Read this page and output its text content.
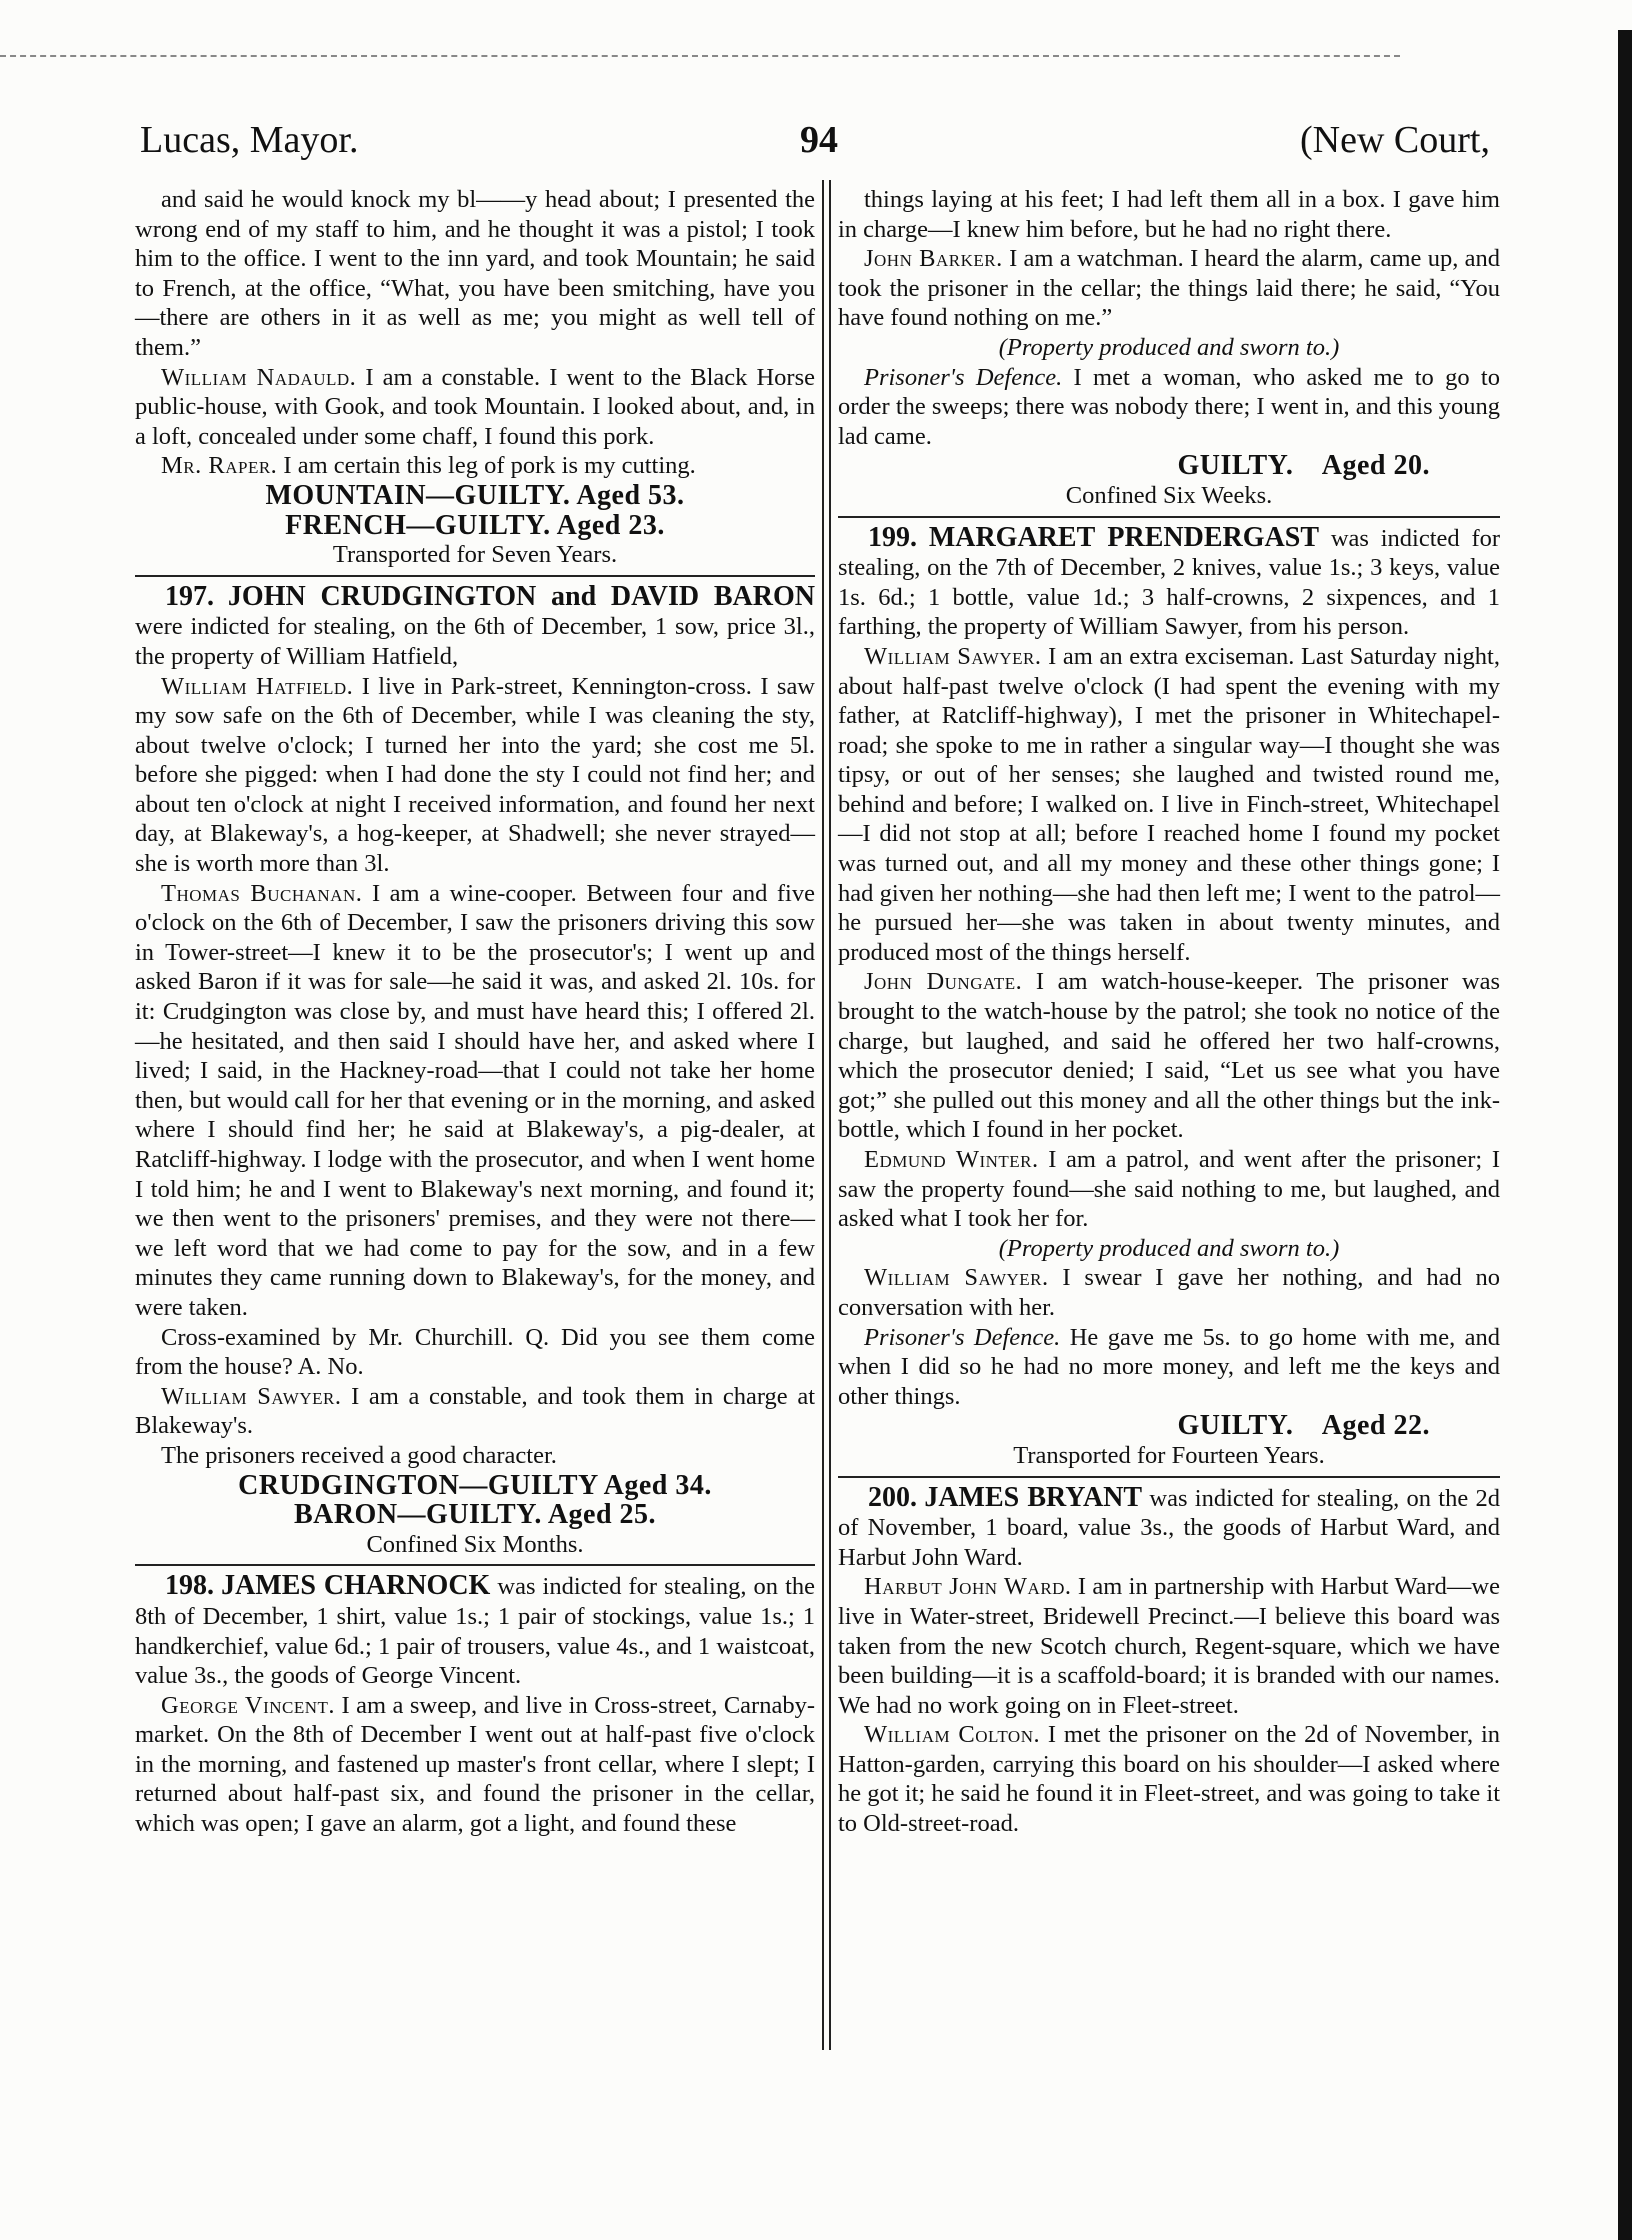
Lucas, Mayor.	94	(New Court,

and said he would knock my bl——y head about; I presented the wrong end of my staff to him, and he thought it was a pistol; I took him to the office. I went to the inn yard, and took Mountain; he said to French, at the office, “What, you have been smitching, have you—there are others in it as well as me; you might as well tell of them.”

William Nadauld. I am a constable. I went to the Black Horse public-house, with Gook, and took Mountain. I looked about, and, in a loft, concealed under some chaff, I found this pork.

Mr. Raper. I am certain this leg of pork is my cutting.

MOUNTAIN—GUILTY. Aged 53.

FRENCH—GUILTY. Aged 23.

Transported for Seven Years.

197. JOHN CRUDGINGTON and DAVID BARON were indicted for stealing, on the 6th of December, 1 sow, price 3l., the property of William Hatfield,

William Hatfield. I live in Park-street, Kennington-cross. I saw my sow safe on the 6th of December, while I was cleaning the sty, about twelve o'clock; I turned her into the yard; she cost me 5l. before she pigged: when I had done the sty I could not find her; and about ten o'clock at night I received information, and found her next day, at Blakeway's, a hog-keeper, at Shadwell; she never strayed—she is worth more than 3l.

Thomas Buchanan. I am a wine-cooper. Between four and five o'clock on the 6th of December, I saw the prisoners driving this sow in Tower-street—I knew it to be the prosecutor's; I went up and asked Baron if it was for sale—he said it was, and asked 2l. 10s. for it: Crudgington was close by, and must have heard this; I offered 2l.—he hesitated, and then said I should have her, and asked where I lived; I said, in the Hackney-road—that I could not take her home then, but would call for her that evening or in the morning, and asked where I should find her; he said at Blakeway's, a pig-dealer, at Ratcliff-highway. I lodge with the prosecutor, and when I went home I told him; he and I went to Blakeway's next morning, and found it; we then went to the prisoners' premises, and they were not there—we left word that we had come to pay for the sow, and in a few minutes they came running down to Blakeway's, for the money, and were taken.

Cross-examined by Mr. Churchill. Q. Did you see them come from the house? A. No.

William Sawyer. I am a constable, and took them in charge at Blakeway's.

The prisoners received a good character.

CRUDGINGTON—GUILTY Aged 34.

BARON—GUILTY. Aged 25.

Confined Six Months.

198. JAMES CHARNOCK was indicted for stealing, on the 8th of December, 1 shirt, value 1s.; 1 pair of stockings, value 1s.; 1 handkerchief, value 6d.; 1 pair of trousers, value 4s., and 1 waistcoat, value 3s., the goods of George Vincent.

George Vincent. I am a sweep, and live in Cross-street, Carnaby-market. On the 8th of December I went out at half-past five o'clock in the morning, and fastened up master's front cellar, where I slept; I returned about half-past six, and found the prisoner in the cellar, which was open; I gave an alarm, got a light, and found these

things laying at his feet; I had left them all in a box. I gave him in charge—I knew him before, but he had no right there.

John Barker. I am a watchman. I heard the alarm, came up, and took the prisoner in the cellar; the things laid there; he said, “You have found nothing on me.”

(Property produced and sworn to.)

Prisoner's Defence. I met a woman, who asked me to go to order the sweeps; there was nobody there; I went in, and this young lad came.

GUILTY.    Aged 20.

Confined Six Weeks.

199. MARGARET PRENDERGAST was indicted for stealing, on the 7th of December, 2 knives, value 1s.; 3 keys, value 1s. 6d.; 1 bottle, value 1d.; 3 half-crowns, 2 sixpences, and 1 farthing, the property of William Sawyer, from his person.

William Sawyer. I am an extra exciseman. Last Saturday night, about half-past twelve o'clock (I had spent the evening with my father, at Ratcliff-highway), I met the prisoner in Whitechapel-road; she spoke to me in rather a singular way—I thought she was tipsy, or out of her senses; she laughed and twisted round me, behind and before; I walked on. I live in Finch-street, Whitechapel—I did not stop at all; before I reached home I found my pocket was turned out, and all my money and these other things gone; I had given her nothing—she had then left me; I went to the patrol—he pursued her—she was taken in about twenty minutes, and produced most of the things herself.

John Dungate. I am watch-house-keeper. The prisoner was brought to the watch-house by the patrol; she took no notice of the charge, but laughed, and said he offered her two half-crowns, which the prosecutor denied; I said, “Let us see what you have got;” she pulled out this money and all the other things but the ink-bottle, which I found in her pocket.

Edmund Winter. I am a patrol, and went after the prisoner; I saw the property found—she said nothing to me, but laughed, and asked what I took her for.

(Property produced and sworn to.)

William Sawyer. I swear I gave her nothing, and had no conversation with her.

Prisoner's Defence. He gave me 5s. to go home with me, and when I did so he had no more money, and left me the keys and other things.

GUILTY.    Aged 22.

Transported for Fourteen Years.

200. JAMES BRYANT was indicted for stealing, on the 2d of November, 1 board, value 3s., the goods of Harbut Ward, and Harbut John Ward.

Harbut John Ward. I am in partnership with Harbut Ward—we live in Water-street, Bridewell Precinct.—I believe this board was taken from the new Scotch church, Regent-square, which we have been building—it is a scaffold-board; it is branded with our names. We had no work going on in Fleet-street.

William Colton. I met the prisoner on the 2d of November, in Hatton-garden, carrying this board on his shoulder—I asked where he got it; he said he found it in Fleet-street, and was going to take it to Old-street-road.
